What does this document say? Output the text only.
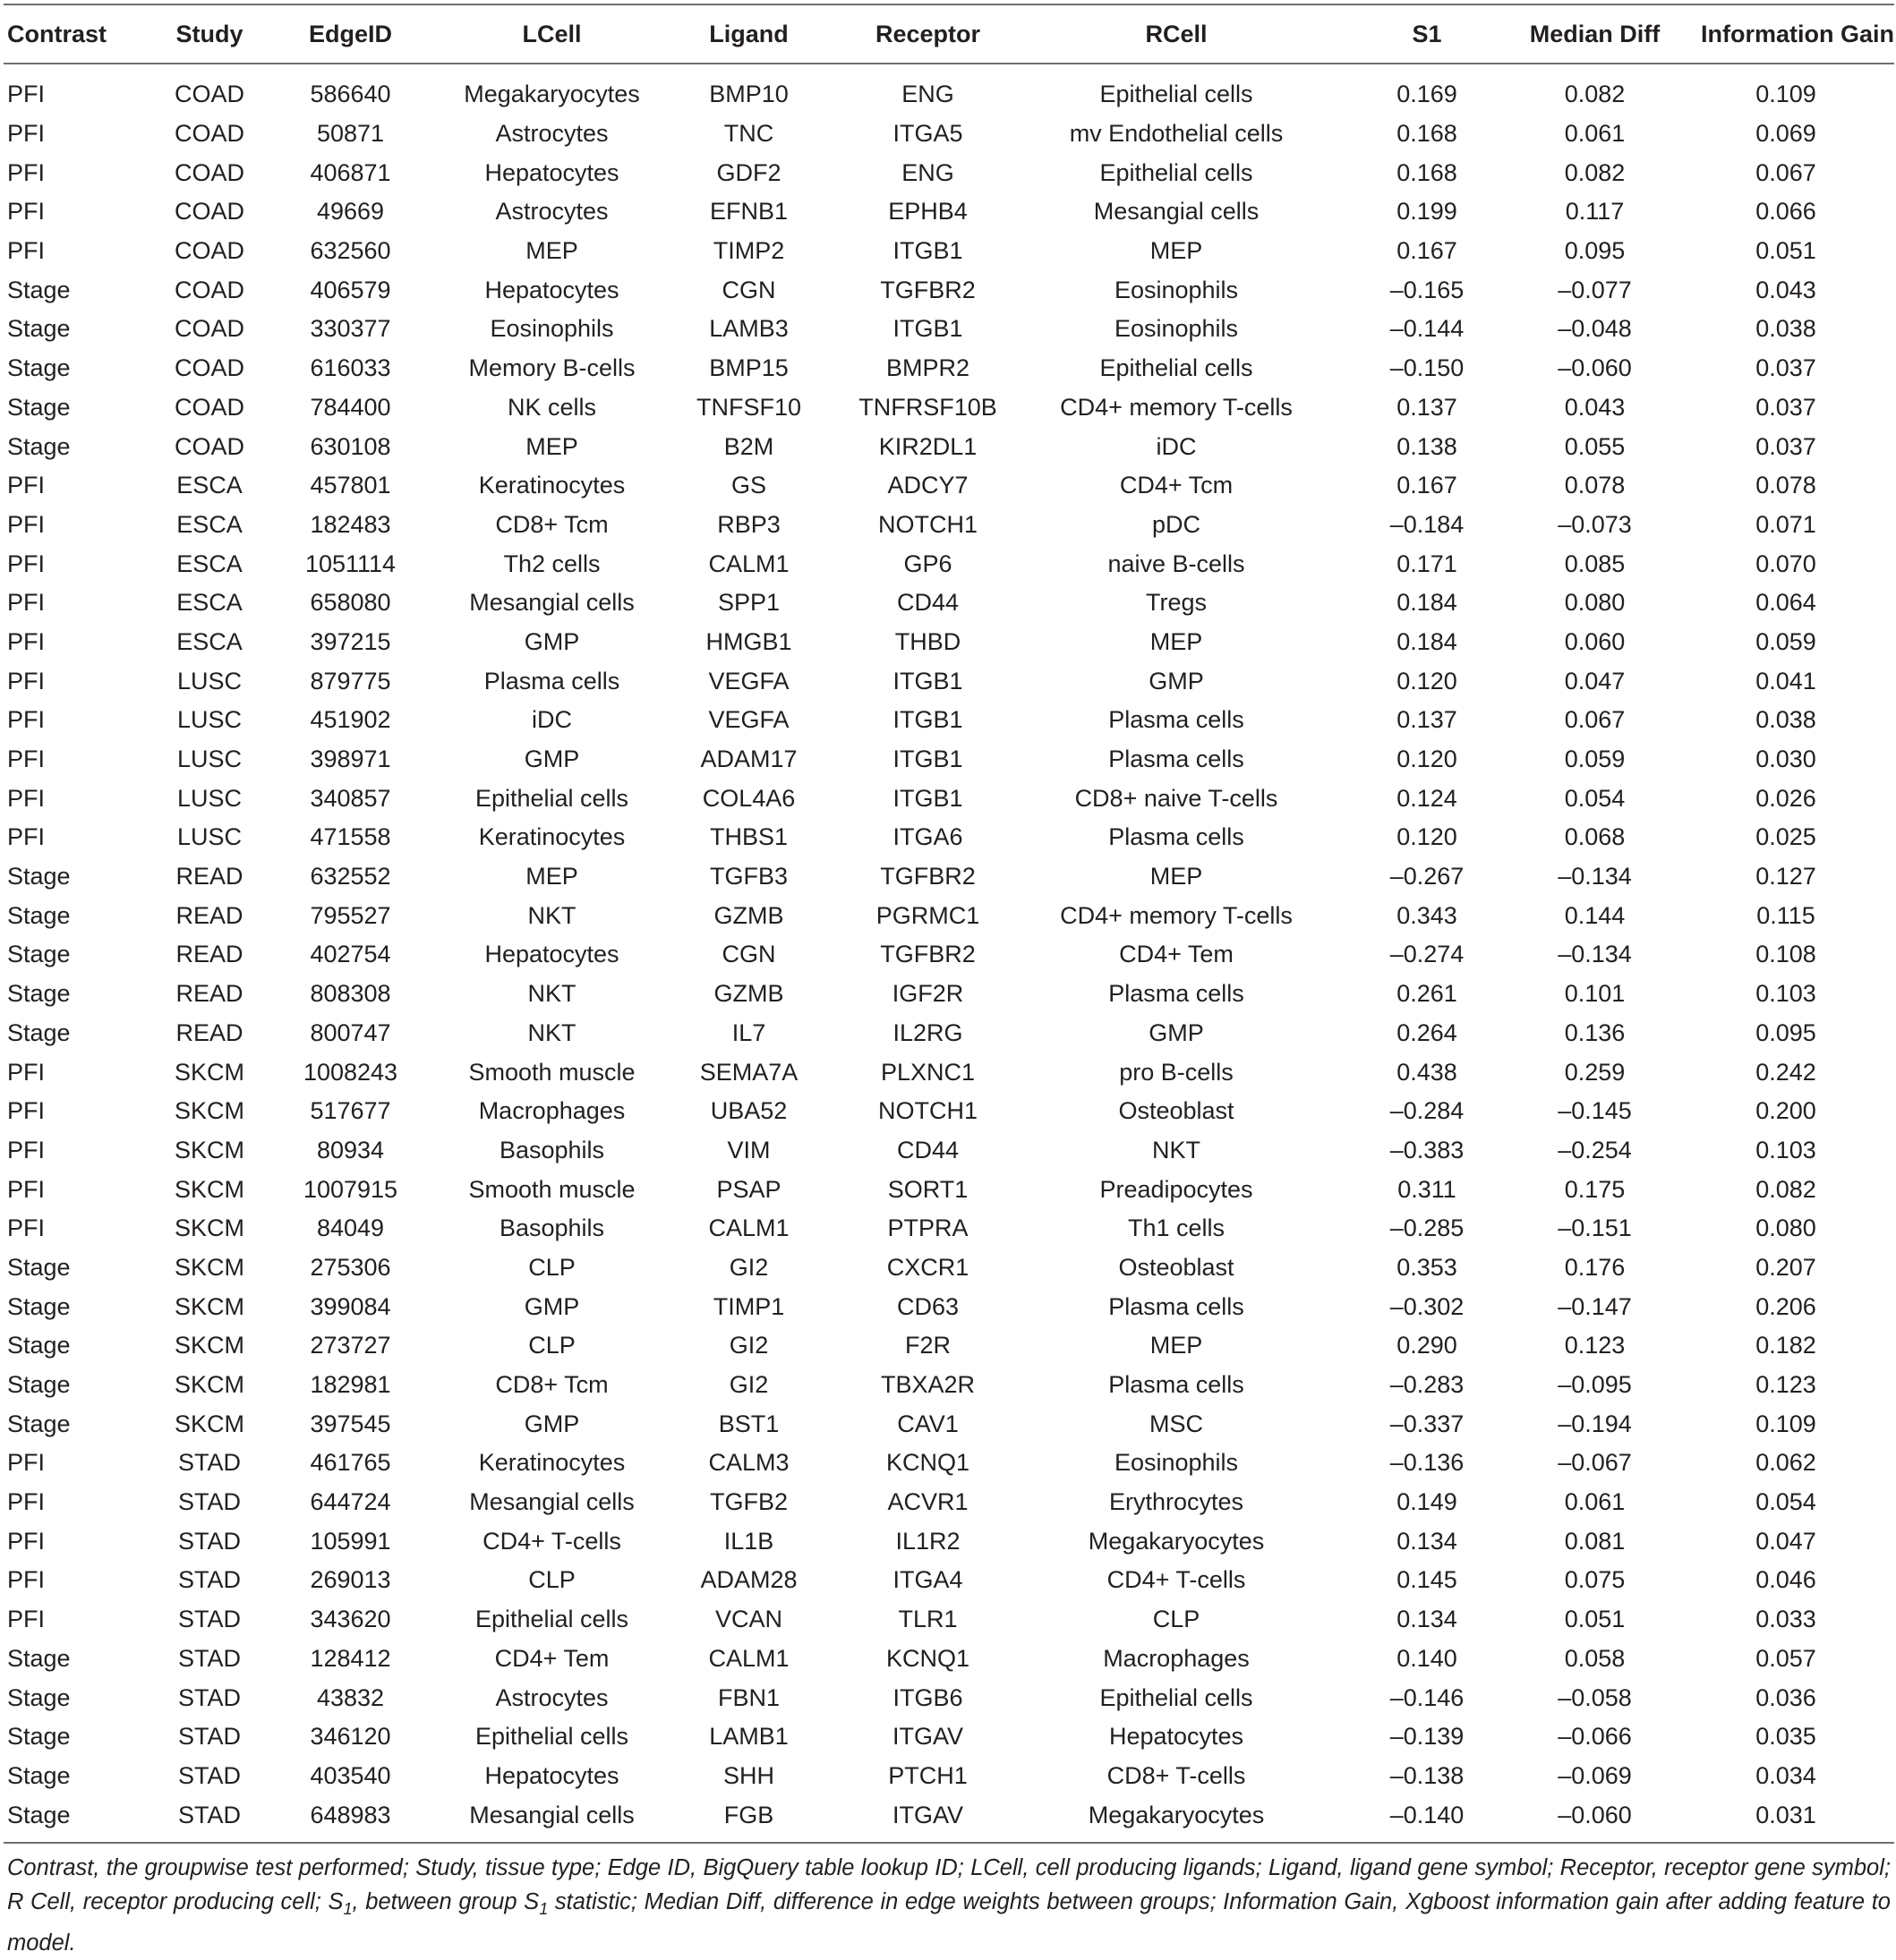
Contrast	Study	EdgeID	LCell	Ligand	Receptor	RCell	S1	Median Diff	Information Gain
PFI	COAD	586640	Megakaryocytes	BMP10	ENG	Epithelial cells	0.169	0.082	0.109
PFI	COAD	50871	Astrocytes	TNC	ITGA5	mv Endothelial cells	0.168	0.061	0.069
PFI	COAD	406871	Hepatocytes	GDF2	ENG	Epithelial cells	0.168	0.082	0.067
PFI	COAD	49669	Astrocytes	EFNB1	EPHB4	Mesangial cells	0.199	0.117	0.066
PFI	COAD	632560	MEP	TIMP2	ITGB1	MEP	0.167	0.095	0.051
Stage	COAD	406579	Hepatocytes	CGN	TGFBR2	Eosinophils	–0.165	–0.077	0.043
Stage	COAD	330377	Eosinophils	LAMB3	ITGB1	Eosinophils	–0.144	–0.048	0.038
Stage	COAD	616033	Memory B-cells	BMP15	BMPR2	Epithelial cells	–0.150	–0.060	0.037
Stage	COAD	784400	NK cells	TNFSF10	TNFRSF10B	CD4+ memory T-cells	0.137	0.043	0.037
Stage	COAD	630108	MEP	B2M	KIR2DL1	iDC	0.138	0.055	0.037
PFI	ESCA	457801	Keratinocytes	GS	ADCY7	CD4+ Tcm	0.167	0.078	0.078
PFI	ESCA	182483	CD8+ Tcm	RBP3	NOTCH1	pDC	–0.184	–0.073	0.071
PFI	ESCA	1051114	Th2 cells	CALM1	GP6	naive B-cells	0.171	0.085	0.070
PFI	ESCA	658080	Mesangial cells	SPP1	CD44	Tregs	0.184	0.080	0.064
PFI	ESCA	397215	GMP	HMGB1	THBD	MEP	0.184	0.060	0.059
PFI	LUSC	879775	Plasma cells	VEGFA	ITGB1	GMP	0.120	0.047	0.041
PFI	LUSC	451902	iDC	VEGFA	ITGB1	Plasma cells	0.137	0.067	0.038
PFI	LUSC	398971	GMP	ADAM17	ITGB1	Plasma cells	0.120	0.059	0.030
PFI	LUSC	340857	Epithelial cells	COL4A6	ITGB1	CD8+ naive T-cells	0.124	0.054	0.026
PFI	LUSC	471558	Keratinocytes	THBS1	ITGA6	Plasma cells	0.120	0.068	0.025
Stage	READ	632552	MEP	TGFB3	TGFBR2	MEP	–0.267	–0.134	0.127
Stage	READ	795527	NKT	GZMB	PGRMC1	CD4+ memory T-cells	0.343	0.144	0.115
Stage	READ	402754	Hepatocytes	CGN	TGFBR2	CD4+ Tem	–0.274	–0.134	0.108
Stage	READ	808308	NKT	GZMB	IGF2R	Plasma cells	0.261	0.101	0.103
Stage	READ	800747	NKT	IL7	IL2RG	GMP	0.264	0.136	0.095
PFI	SKCM	1008243	Smooth muscle	SEMA7A	PLXNC1	pro B-cells	0.438	0.259	0.242
PFI	SKCM	517677	Macrophages	UBA52	NOTCH1	Osteoblast	–0.284	–0.145	0.200
PFI	SKCM	80934	Basophils	VIM	CD44	NKT	–0.383	–0.254	0.103
PFI	SKCM	1007915	Smooth muscle	PSAP	SORT1	Preadipocytes	0.311	0.175	0.082
PFI	SKCM	84049	Basophils	CALM1	PTPRA	Th1 cells	–0.285	–0.151	0.080
Stage	SKCM	275306	CLP	GI2	CXCR1	Osteoblast	0.353	0.176	0.207
Stage	SKCM	399084	GMP	TIMP1	CD63	Plasma cells	–0.302	–0.147	0.206
Stage	SKCM	273727	CLP	GI2	F2R	MEP	0.290	0.123	0.182
Stage	SKCM	182981	CD8+ Tcm	GI2	TBXA2R	Plasma cells	–0.283	–0.095	0.123
Stage	SKCM	397545	GMP	BST1	CAV1	MSC	–0.337	–0.194	0.109
PFI	STAD	461765	Keratinocytes	CALM3	KCNQ1	Eosinophils	–0.136	–0.067	0.062
PFI	STAD	644724	Mesangial cells	TGFB2	ACVR1	Erythrocytes	0.149	0.061	0.054
PFI	STAD	105991	CD4+ T-cells	IL1B	IL1R2	Megakaryocytes	0.134	0.081	0.047
PFI	STAD	269013	CLP	ADAM28	ITGA4	CD4+ T-cells	0.145	0.075	0.046
PFI	STAD	343620	Epithelial cells	VCAN	TLR1	CLP	0.134	0.051	0.033
Stage	STAD	128412	CD4+ Tem	CALM1	KCNQ1	Macrophages	0.140	0.058	0.057
Stage	STAD	43832	Astrocytes	FBN1	ITGB6	Epithelial cells	–0.146	–0.058	0.036
Stage	STAD	346120	Epithelial cells	LAMB1	ITGAV	Hepatocytes	–0.139	–0.066	0.035
Stage	STAD	403540	Hepatocytes	SHH	PTCH1	CD8+ T-cells	–0.138	–0.069	0.034
Stage	STAD	648983	Mesangial cells	FGB	ITGAV	Megakaryocytes	–0.140	–0.060	0.031
Contrast, the groupwise test performed; Study, tissue type; Edge ID, BigQuery table lookup ID; LCell, cell producing ligands; Ligand, ligand gene symbol; Receptor, receptor gene symbol; R Cell, receptor producing cell; $S_1$, between group $S_1$ statistic; Median Diff, difference in edge weights between groups; Information Gain, Xgboost information gain after adding feature to model.
